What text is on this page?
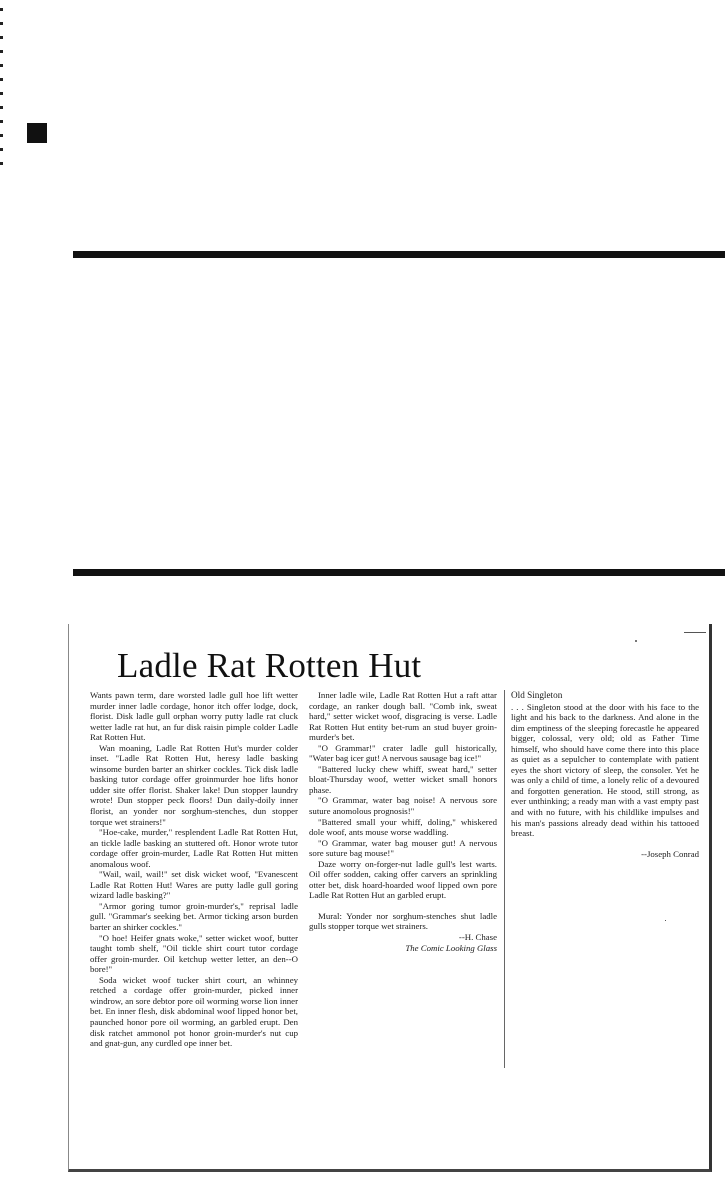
Ladle Rat Rotten Hut

Wants pawn term, dare worsted ladle gull hoe lift wetter murder inner ladle cordage, honor itch offer lodge, dock, florist. Disk ladle gull orphan worry putty ladle rat cluck wetter ladle rat hut, an fur disk raisin pimple colder Ladle Rat Rotten Hut.

Wan moaning, Ladle Rat Rotten Hut's murder colder inset. "Ladle Rat Rotten Hut, heresy ladle basking winsome burden barter an shirker cockles. Tick disk ladle basking tutor cordage offer groinmurder hoe lifts honor udder site offer florist. Shaker lake! Dun stopper laundry wrote! Dun stopper peck floors! Dun daily-doily inner florist, an yonder nor sorghum-stenches, dun stopper torque wet strainers!"

"Hoe-cake, murder," resplendent Ladle Rat Rotten Hut, an tickle ladle basking an stuttered oft. Honor wrote tutor cordage offer groin-murder, Ladle Rat Rotten Hut mitten anomalous woof.

"Wail, wail, wail!" set disk wicket woof, "Evanescent Ladle Rat Rotten Hut! Wares are putty ladle gull goring wizard ladle basking?"

"Armor goring tumor groin-murder's," reprisal ladle gull. "Grammar's seeking bet. Armor ticking arson burden barter an shirker cockles."

"O hoe! Heifer gnats woke," setter wicket woof, butter taught tomb shelf, "Oil tickle shirt court tutor cordage offer groin-murder. Oil ketchup wetter letter, an den--O bore!"

Soda wicket woof tucker shirt court, an whinney retched a cordage offer groin-murder, picked inner windrow, an sore debtor pore oil worming worse lion inner bet. En inner flesh, disk abdominal woof lipped honor bet, paunched honor pore oil worming, an garbled erupt. Den disk ratchet ammonol pot honor groin-murder's nut cup and gnat-gun, any curdled ope inner bet.

Inner ladle wile, Ladle Rat Rotten Hut a raft attar cordage, an ranker dough ball. "Comb ink, sweat hard," setter wicket woof, disgracing is verse. Ladle Rat Rotten Hut entity bet-rum an stud buyer groin-murder's bet.

"O Grammar!" crater ladle gull historically, "Water bag icer gut! A nervous sausage bag ice!"

"Battered lucky chew whiff, sweat hard," setter bloat-Thursday woof, wetter wicket small honors phase.

"O Grammar, water bag noise! A nervous sore suture anomolous prognosis!"

"Battered small your whiff, doling," whiskered dole woof, ants mouse worse waddling.

"O Grammar, water bag mouser gut! A nervous sore suture bag mouse!"

Daze worry on-forger-nut ladle gull's lest warts. Oil offer sodden, caking offer carvers an sprinkling otter bet, disk hoard-hoarded woof lipped own pore Ladle Rat Rotten Hut an garbled erupt.

Mural: Yonder nor sorghum-stenches shut ladle gulls stopper torque wet strainers.

--H. Chase
The Comic Looking Glass
Old Singleton

. . . Singleton stood at the door with his face to the light and his back to the darkness. And alone in the dim emptiness of the sleeping forecastle he appeared bigger, colossal, very old; old as Father Time himself, who should have come there into this place as quiet as a sepulcher to contemplate with patient eyes the short victory of sleep, the consoler. Yet he was only a child of time, a lonely relic of a devoured and forgotten generation. He stood, still strong, as ever unthinking; a ready man with a vast empty past and with no future, with his childlike impulses and his man's passions already dead within his tattooed breast.

--Joseph Conrad
